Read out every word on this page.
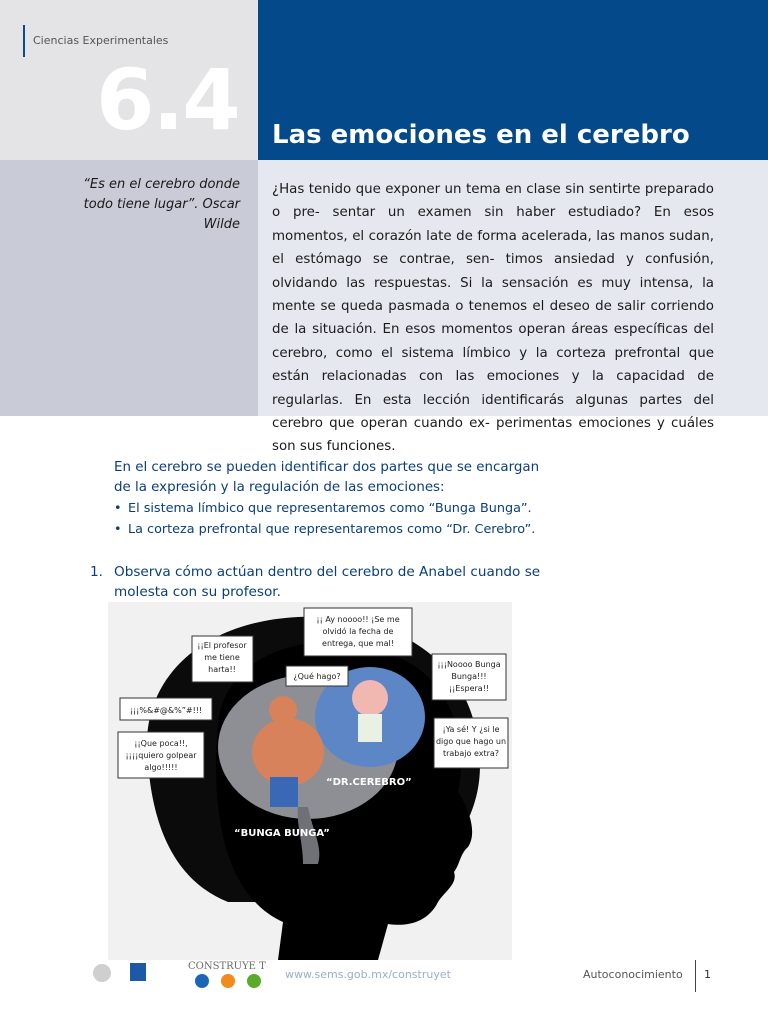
Ciencias Experimentales
6.4 Las emociones en el cerebro
“Es en el cerebro donde todo tiene lugar”. Oscar Wilde
¿Has tenido que exponer un tema en clase sin sentirte preparado o pre- sentar un examen sin haber estudiado? En esos momentos, el corazón late de forma acelerada, las manos sudan, el estómago se contrae, sen- timos ansiedad y confusión, olvidando las respuestas. Si la sensación es muy intensa, la mente se queda pasmada o tenemos el deseo de salir corriendo de la situación. En esos momentos operan áreas específicas del cerebro, como el sistema límbico y la corteza prefrontal que están relacionadas con las emociones y la capacidad de regularlas. En esta lección identificarás algunas partes del cerebro que operan cuando ex- perimentas emociones y cuáles son sus funciones.
En el cerebro se pueden identificar dos partes que se encargan de la expresión y la regulación de las emociones:
• El sistema límbico que representaremos como “Bunga Bunga”.
• La corteza prefrontal que representaremos como “Dr. Cerebro”.
1. Observa cómo actúan dentro del cerebro de Anabel cuando se molesta con su profesor.
¡¡El profesor
me tiene
harta!!
¡¡¡%&#@&%”#!!!
¡¡Que poca!!,
¡¡¡¡quiero golpear
algo!!!!!
¡¡ Ay noooo!! ¡Se me
olvidó la fecha de
entrega, que mal!
¿Qué hago?
¡¡¡Noooo Bunga
Bunga!!!
¡¡Espera!!
¡Ya sé! Y ¿si le
digo que hago un
trabajo extra?
“DR.CEREBRO”
“BUNGA BUNGA”
CONSTRUYE T
www.sems.gob.mx/construyet	Autoconocimiento 1
